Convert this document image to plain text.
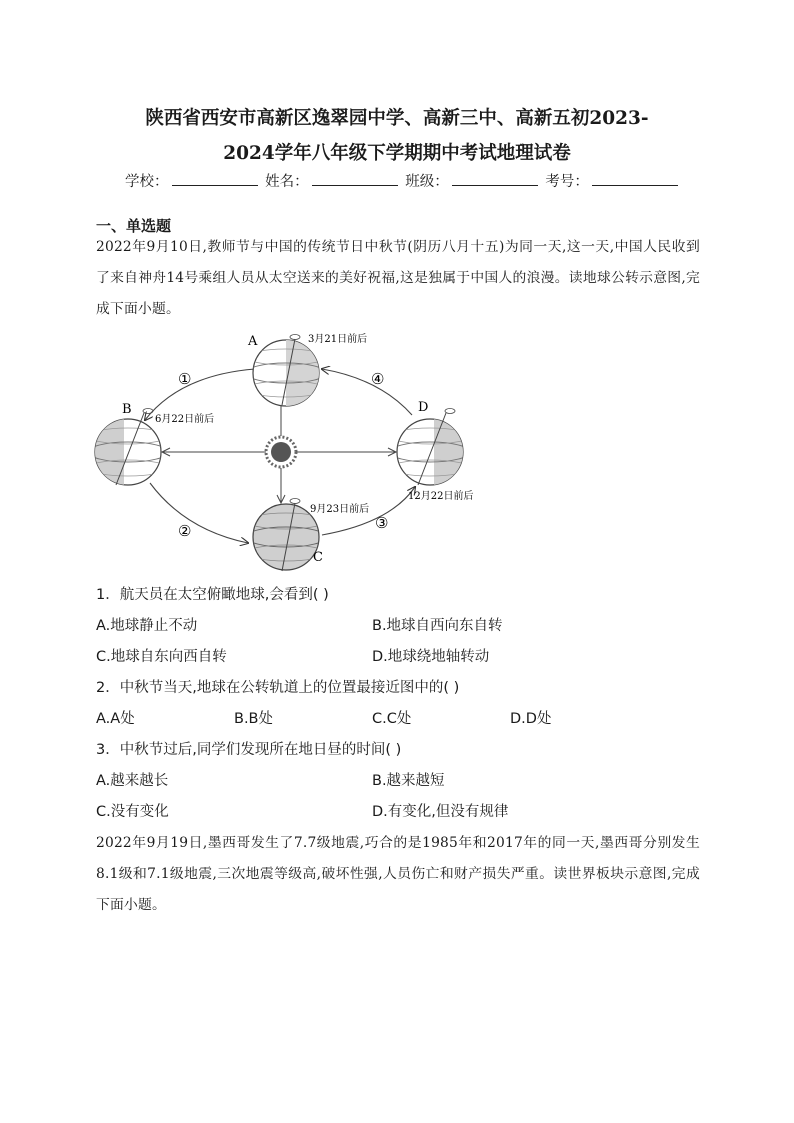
陕西省西安市高新区逸翠园中学、高新三中、高新五初2023-
2024学年八年级下学期期中考试地理试卷
学校：	姓名：	班级：	考号：
一、单选题
2022年9月10日,教师节与中国的传统节日中秋节(阴历八月十五)为同一天,这一天,中国人民收到了来自神舟14号乘组人员从太空送来的美好祝福,这是独属于中国人的浪漫。读地球公转示意图,完成下面小题。
A
B
C
D
3月21日前后
6月22日前后
9月23日前后
12月22日前后
①
②	③
④
1．航天员在太空俯瞰地球,会看到( )
A.地球静止不动	B.地球自西向东自转
C.地球自东向西自转	D.地球绕地轴转动
2．中秋节当天,地球在公转轨道上的位置最接近图中的( )
A.A处	B.B处	C.C处	D.D处
3．中秋节过后,同学们发现所在地日昼的时间( )
A.越来越长	B.越来越短
C.没有变化	D.有变化,但没有规律
2022年9月19日,墨西哥发生了7.7级地震,巧合的是1985年和2017年的同一天,墨西哥分别发生8.1级和7.1级地震,三次地震等级高,破坏性强,人员伤亡和财产损失严重。读世界板块示意图,完成下面小题。
